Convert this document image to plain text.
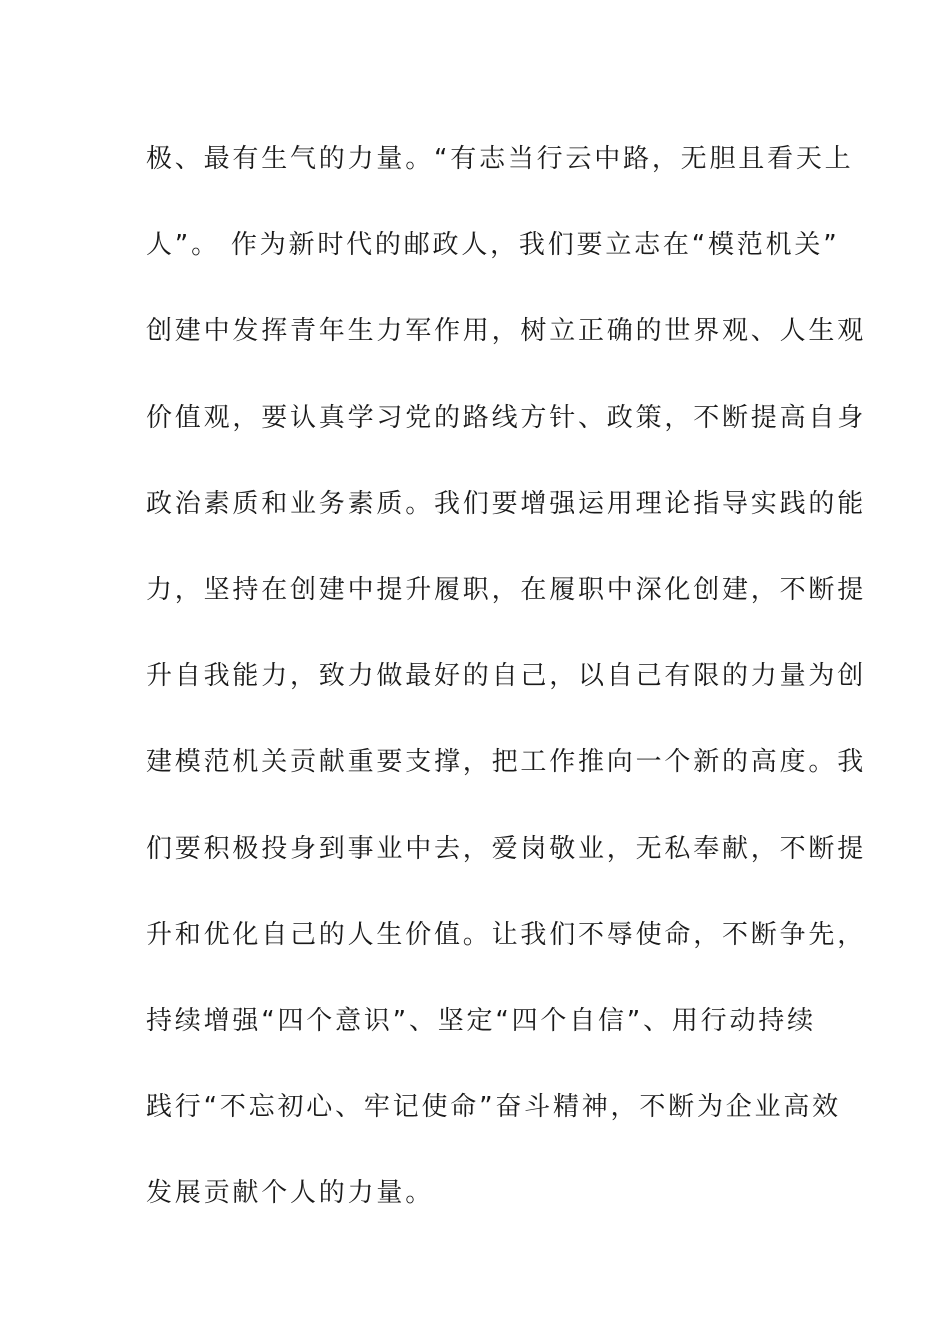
极、最有生气的力量。“有志当行云中路，无胆且看天上
人”。 作为新时代的邮政人，我们要立志在“模范机关”
创建中发挥青年生力军作用，树立正确的世界观、人生观
价值观，要认真学习党的路线方针、政策，不断提高自身
政治素质和业务素质。我们要增强运用理论指导实践的能
力，坚持在创建中提升履职，在履职中深化创建，不断提
升自我能力，致力做最好的自己，以自己有限的力量为创
建模范机关贡献重要支撑，把工作推向一个新的高度。我
们要积极投身到事业中去，爱岗敬业，无私奉献，不断提
升和优化自己的人生价值。让我们不辱使命，不断争先，
持续增强“四个意识”、坚定“四个自信”、用行动持续
践行“不忘初心、牢记使命”奋斗精神，不断为企业高效
发展贡献个人的力量。
